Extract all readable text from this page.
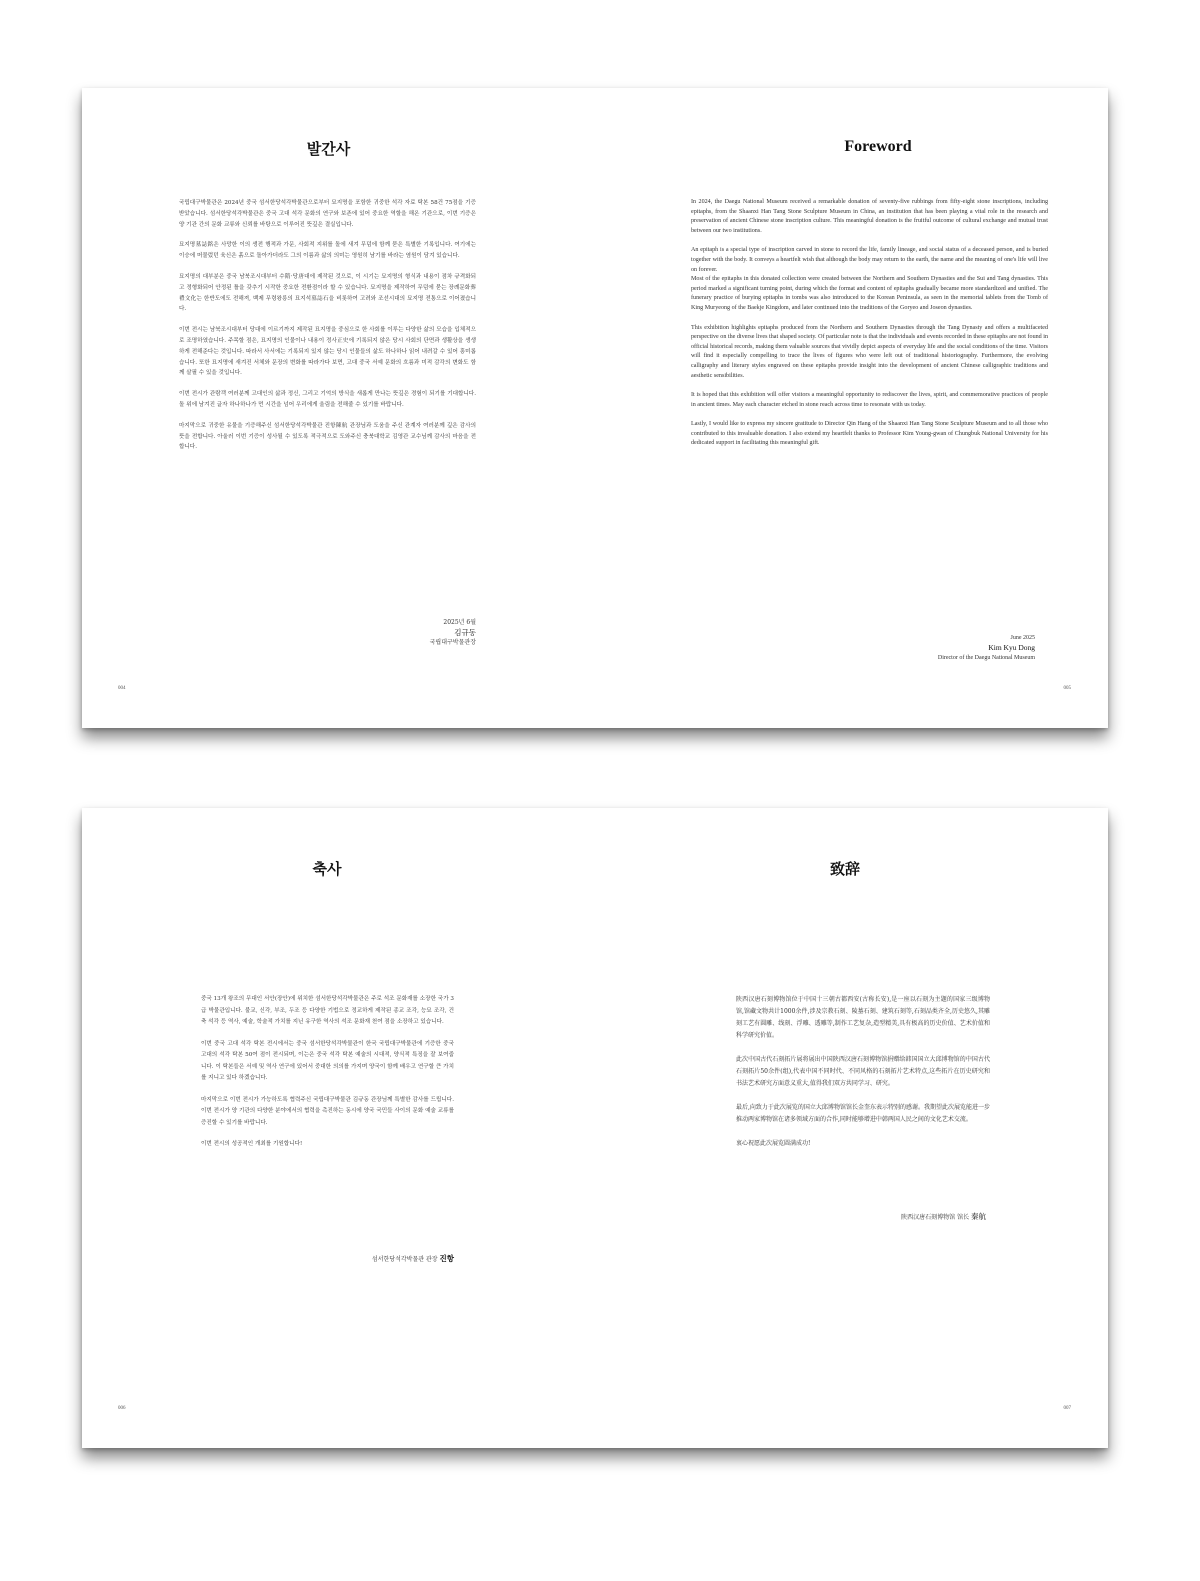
발간사

국립대구박물관은 2024년 중국 섬서한당석각박물관으로부터 묘지명을 포함한 귀중한 석각 자료 탁본 58건 75점을 기증받았습니다. 섬서한당석각박물관은 중국 고대 석각 문화의 연구와 보존에 있어 중요한 역할을 해온 기관으로, 이번 기증은 양 기관 간의 문화 교류와 신뢰를 바탕으로 이루어진 뜻깊은 결실입니다.

묘지명墓誌銘은 사망한 이의 생전 행적과 가문, 사회적 지위를 돌에 새겨 무덤에 함께 묻은 특별한 기록입니다. 여기에는 이승에 머물렀던 육신은 흙으로 돌아가더라도 그의 이름과 삶의 의미는 영원히 남기를 바라는 염원이 담겨 있습니다.

묘지명의 대부분은 중국 남북조시대부터 수隋·당唐대에 제작된 것으로, 이 시기는 묘지명의 형식과 내용이 점차 규격화되고 정형화되어 안정된 틀을 갖추기 시작한 중요한 전환점이라 할 수 있습니다. 묘지명을 제작하여 무덤에 묻는 장례문화葬禮文化는 한반도에도 전해져, 백제 무령왕릉의 묘지석墓誌石을 비롯하여 고려와 조선시대의 묘지명 전통으로 이어졌습니다.

이번 전시는 남북조시대부터 당대에 이르기까지 제작된 묘지명을 중심으로 한 사회를 이루는 다양한 삶의 모습을 입체적으로 조명하였습니다. 주목할 점은, 묘지명의 인물이나 내용이 정사正史에 기록되지 않은 당시 사회의 단면과 생활상을 생생하게 전해준다는 것입니다. 따라서 사서에는 기록되지 있지 않는 당시 인물들의 삶도 하나하나 읽어 내려갈 수 있어 흥미롭습니다. 또한 묘지명에 새겨진 서체와 문장의 변화를 따라가다 보면, 고대 중국 서예 문화의 흐름과 미적 감각의 변화도 함께 살필 수 있을 것입니다.

이번 전시가 관람객 여러분께 고대인의 삶과 정신, 그리고 기억의 방식을 새롭게 만나는 뜻깊은 경험이 되기를 기대합니다. 돌 위에 남겨진 글자 하나하나가 먼 시간을 넘어 우리에게 울림을 전해줄 수 있기를 바랍니다.

마지막으로 귀중한 유물을 기증해주신 섬서한당석각박물관 진항陳航 관장님과 도움을 주신 관계자 여러분께 깊은 감사의 뜻을 전합니다. 아울러 이번 기증이 성사될 수 있도록 적극적으로 도와주신 충북대학교 김영관 교수님께 감사의 마음을 전합니다.

2025년 6월
김규동
국립대구박물관장
004
Foreword

In 2024, the Daegu National Museum received a remarkable donation of seventy-five rubbings from fifty-eight stone inscriptions, including epitaphs, from the Shaanxi Han Tang Stone Sculpture Museum in China, an institution that has been playing a vital role in the research and preservation of ancient Chinese stone inscription culture. This meaningful donation is the fruitful outcome of cultural exchange and mutual trust between our two institutions.

An epitaph is a special type of inscription carved in stone to record the life, family lineage, and social status of a deceased person, and is buried together with the body. It conveys a heartfelt wish that although the body may return to the earth, the name and the meaning of one's life will live on forever.

Most of the epitaphs in this donated collection were created between the Northern and Southern Dynasties and the Sui and Tang dynasties. This period marked a significant turning point, during which the format and content of epitaphs gradually became more standardized and unified. The funerary practice of burying epitaphs in tombs was also introduced to the Korean Peninsula, as seen in the memorial tablets from the Tomb of King Muryeong of the Baekje Kingdom, and later continued into the traditions of the Goryeo and Joseon dynasties.

This exhibition highlights epitaphs produced from the Northern and Southern Dynasties through the Tang Dynasty and offers a multifaceted perspective on the diverse lives that shaped society. Of particular note is that the individuals and events recorded in these epitaphs are not found in official historical records, making them valuable sources that vividly depict aspects of everyday life and the social conditions of the time. Visitors will find it especially compelling to trace the lives of figures who were left out of traditional historiography. Furthermore, the evolving calligraphy and literary styles engraved on these epitaphs provide insight into the development of ancient Chinese calligraphic traditions and aesthetic sensibilities.

It is hoped that this exhibition will offer visitors a meaningful opportunity to rediscover the lives, spirit, and commemorative practices of people in ancient times. May each character etched in stone reach across time to resonate with us today.

Lastly, I would like to express my sincere gratitude to Director Qin Hang of the Shaanxi Han Tang Stone Sculpture Museum and to all those who contributed to this invaluable donation. I also extend my heartfelt thanks to Professor Kim Young-gwan of Chungbuk National University for his dedicated support in facilitating this meaningful gift.

June 2025
Kim Kyu Dong
Director of the Daegu National Museum
005
축사

중국 13개 왕조의 무대인 서안(장안)에 위치한 섬서한당석각박물관은 주로 석조 문화재를 소장한 국가 3급 박물관입니다. 불교, 신각, 부조, 두조 등 다양한 기법으로 정교하게 제작된 종교 조각, 능묘 조각, 건축 석각 등 역사, 예술, 학술적 가치를 지닌 유구한 역사의 석조 문화재 천여 점을 소장하고 있습니다.

이번 중국 고대 석각 탁본 전시에서는 중국 섬서한당석각박물관이 한국 국립대구박물관에 기증한 중국 고대의 석각 탁본 50여 점이 전시되며, 이는은 중국 석각 탁본 예술의 시대적, 양식적 특징을 잘 보여줍니다. 이 탁본들은 서예 및 역사 연구에 있어서 중대한 의의를 가지며 양국이 함께 배우고 연구할 큰 가치를 지니고 있다 하겠습니다.

마지막으로 이번 전시가 가능하도록 협력주신 국립대구박물관 김규동 관장님께 특별한 감사를 드립니다. 이번 전시가 양 기관의 다양한 분야에서의 협력을 촉진하는 동시에 양국 국민들 사이의 문화 예술 교류를 증진할 수 있기를 바랍니다.

이번 전시의 성공적인 개최를 기원합니다!

섬서한당석각박물관 관장 진항
006
致辞

陕西汉唐石刻博物馆位于中国十三朝古都西安(古称长安),是一座以石刻为主题的国家三级博物馆,馆藏文物共计1000余件,涉及宗教石刻、陵墓石刻、建筑石刻等,石刻品类齐全,历史悠久,其雕刻工艺有圆雕、线刻、浮雕、透雕等,制作工艺复杂,造型精美,具有极高的历史价值、艺术价值和科学研究价值。

此次中国古代石刻拓片展将展出中国陕西汉唐石刻博物馆捐赠给韩国国立大邱博物馆的中国古代石刻拓片50余件(组),代表中国不同时代、不同风格的石刻拓片艺术特点,这些拓片在历史研究和书法艺术研究方面意义重大,值得我们双方共同学习、研究。

最后,向致力于此次展览的国立大邱博物馆馆长金奎东表示特别的感谢。我期望此次展览能进一步推动两家博物馆在诸多领域方面的合作,同时能够增进中韩两国人民之间的文化艺术交流。

衷心祝愿此次展览圆满成功!

陕西汉唐石刻博物馆 馆长 秦航
007
